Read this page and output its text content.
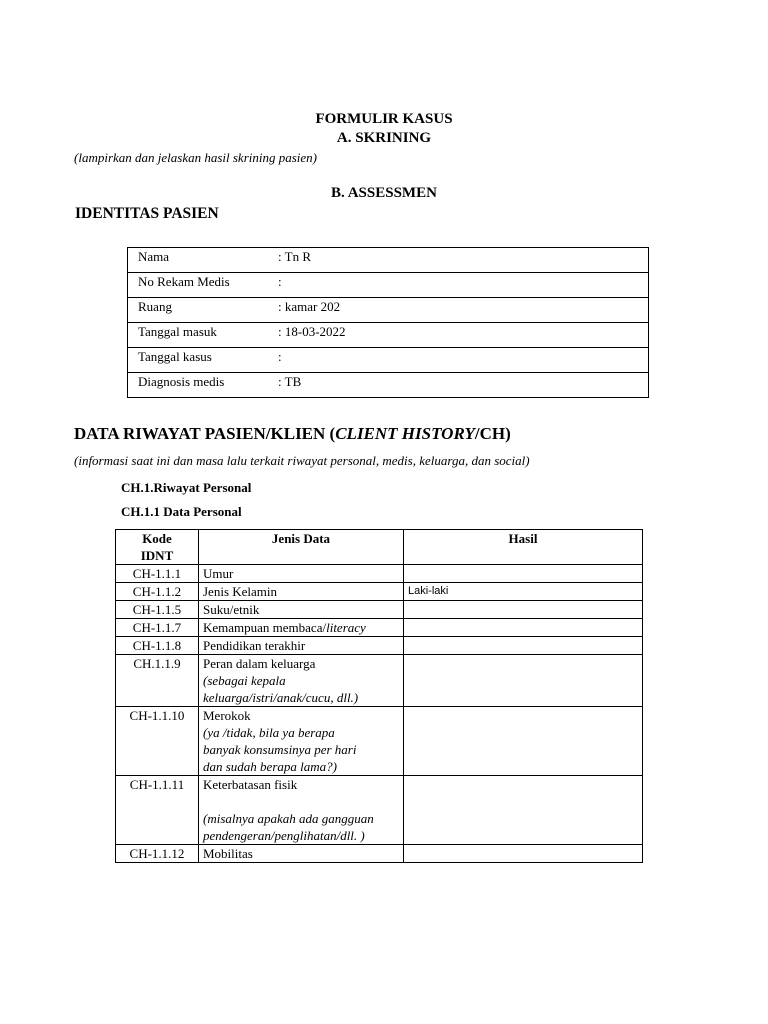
FORMULIR KASUS
A. SKRINING
(lampirkan dan jelaskan hasil skrining pasien)
B. ASSESSMEN
IDENTITAS PASIEN
Nama	: Tn R
No Rekam Medis	:
Ruang	: kamar 202
Tanggal masuk	: 18-03-2022
Tanggal kasus	:
Diagnosis medis	: TB
DATA RIWAYAT PASIEN/KLIEN (CLIENT HISTORY/CH)
(informasi saat ini dan masa lalu terkait riwayat personal, medis, keluarga, dan social)
CH.1.Riwayat Personal
CH.1.1 Data Personal
Kode
IDNT	Jenis Data	Hasil
CH-1.1.1	Umur	
CH-1.1.2	Jenis Kelamin	Laki-laki
CH-1.1.5	Suku/etnik	
CH-1.1.7	Kemampuan membaca/literacy	
CH-1.1.8	Pendidikan terakhir	
CH.1.1.9	Peran dalam keluarga
(sebagai kepala keluarga/istri/anak/cucu, dll.)	

CH-1.1.10	Merokok
(ya /tidak, bila ya berapa banyak konsumsinya per hari dan sudah berapa lama?)	

CH-1.1.11	Keterbatasan fisik
(misalnya apakah ada gangguan pendengeran/penglihatan/dll. )	

CH-1.1.12	Mobilitas	
